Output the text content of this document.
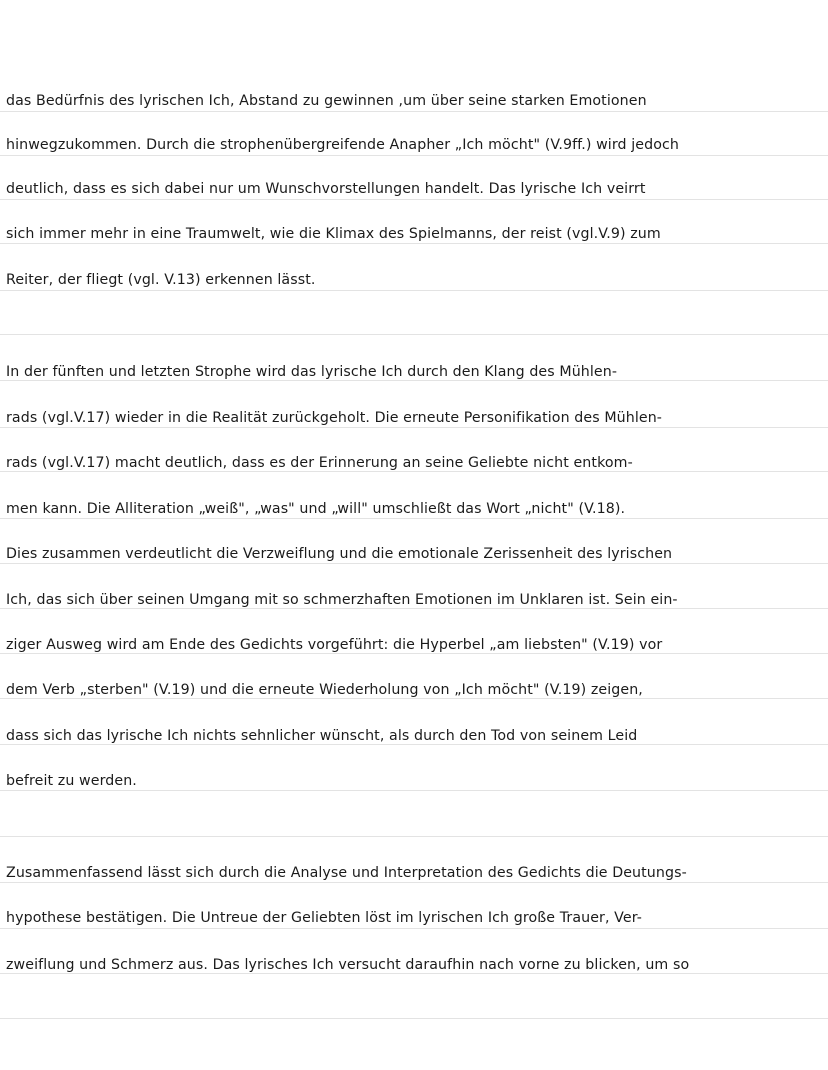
das Bedürfnis des lyrischen Ich, Abstand zu gewinnen ,um über seine starken Emotionen
hinwegzukommen. Durch die strophenübergreifende Anapher „Ich möcht" (V.9ff.) wird jedoch
deutlich, dass es sich dabei nur um Wunschvorstellungen handelt. Das lyrische Ich veirrt
sich immer mehr in eine Traumwelt, wie die Klimax des Spielmanns, der reist (vgl.V.9) zum
Reiter, der fliegt (vgl. V.13) erkennen lässt.
In der fünften und letzten Strophe wird das lyrische Ich durch den Klang des Mühlen-
rads (vgl.V.17) wieder in die Realität zurückgeholt. Die erneute Personifikation des Mühlen-
rads (vgl.V.17) macht deutlich, dass es der Erinnerung an seine Geliebte nicht entkom-
men kann. Die Alliteration „weiß", „was" und „will" umschließt das Wort „nicht" (V.18).
Dies zusammen verdeutlicht die Verzweiflung und die emotionale Zerissenheit des lyrischen
Ich, das sich über seinen Umgang mit so schmerzhaften Emotionen im Unklaren ist. Sein ein-
ziger Ausweg wird am Ende des Gedichts vorgeführt: die Hyperbel „am liebsten" (V.19) vor
dem Verb „sterben" (V.19) und die erneute Wiederholung von „Ich möcht" (V.19) zeigen,
dass sich das lyrische Ich nichts sehnlicher wünscht, als durch den Tod von seinem Leid
befreit zu werden.
Zusammenfassend lässt sich durch die Analyse und Interpretation des Gedichts die Deutungs-
hypothese bestätigen. Die Untreue der Geliebten löst im lyrischen Ich große Trauer, Ver-
zweiflung und Schmerz aus. Das lyrisches Ich versucht daraufhin nach vorne zu blicken, um so
